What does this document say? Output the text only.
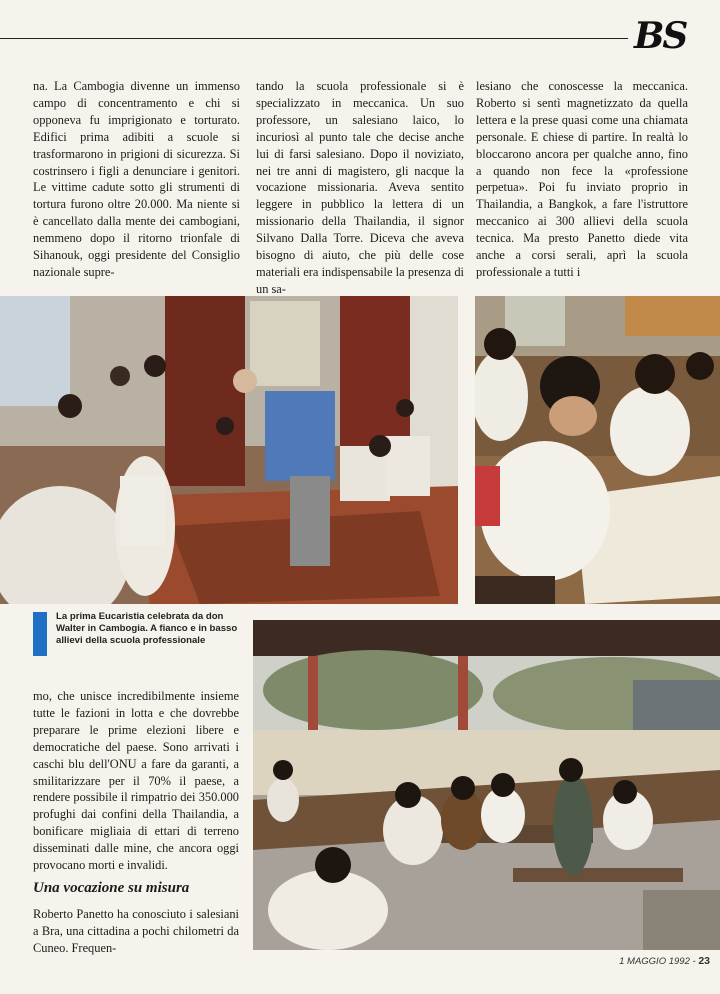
BS

na. La Cambogia divenne un immenso campo di concentramento e chi si opponeva fu imprigionato e torturato. Edifici prima adibiti a scuole si trasformarono in prigioni di sicurezza. Si costrinsero i figli a denunciare i genitori. Le vittime cadute sotto gli strumenti di tortura furono oltre 20.000. Ma niente si è cancellato dalla mente dei cambogiani, nemmeno dopo il ritorno trionfale di Sihanouk, oggi presidente del Consiglio nazionale supre-

tando la scuola professionale si è specializzato in meccanica. Un suo professore, un salesiano laico, lo incuriosì al punto tale che decise anche lui di farsi salesiano. Dopo il noviziato, nei tre anni di magistero, gli nacque la vocazione missionaria. Aveva sentito leggere in pubblico la lettera di un missionario della Thailandia, il signor Silvano Dalla Torre. Diceva che aveva bisogno di aiuto, che più delle cose materiali era indispensabile la presenza di un sa-

lesiano che conoscesse la meccanica. Roberto si sentì magnetizzato da quella lettera e la prese quasi come una chiamata personale. E chiese di partire. In realtà lo bloccarono ancora per qualche anno, fino a quando non fece la «professione perpetua». Poi fu inviato proprio in Thailandia, a Bangkok, a fare l'istruttore meccanico ai 300 allievi della scuola tecnica. Ma presto Panetto diede vita anche a corsi serali, aprì la scuola professionale a tutti i

La prima Eucaristia celebrata da don Walter in Cambogia. A fianco e in basso allievi della scuola professionale

mo, che unisce incredibilmente insieme tutte le fazioni in lotta e che dovrebbe preparare le prime elezioni libere e democratiche del paese. Sono arrivati i caschi blu dell'ONU a fare da garanti, a smilitarizzare per il 70% il paese, a rendere possibile il rimpatrio dei 350.000 profughi dai confini della Thailandia, a bonificare migliaia di ettari di terreno disseminati dalle mine, che ancora oggi provocano morti e invalidi.

Una vocazione su misura

Roberto Panetto ha conosciuto i salesiani a Bra, una cittadina a pochi chilometri da Cuneo. Frequen-

1 MAGGIO 1992 - 23
